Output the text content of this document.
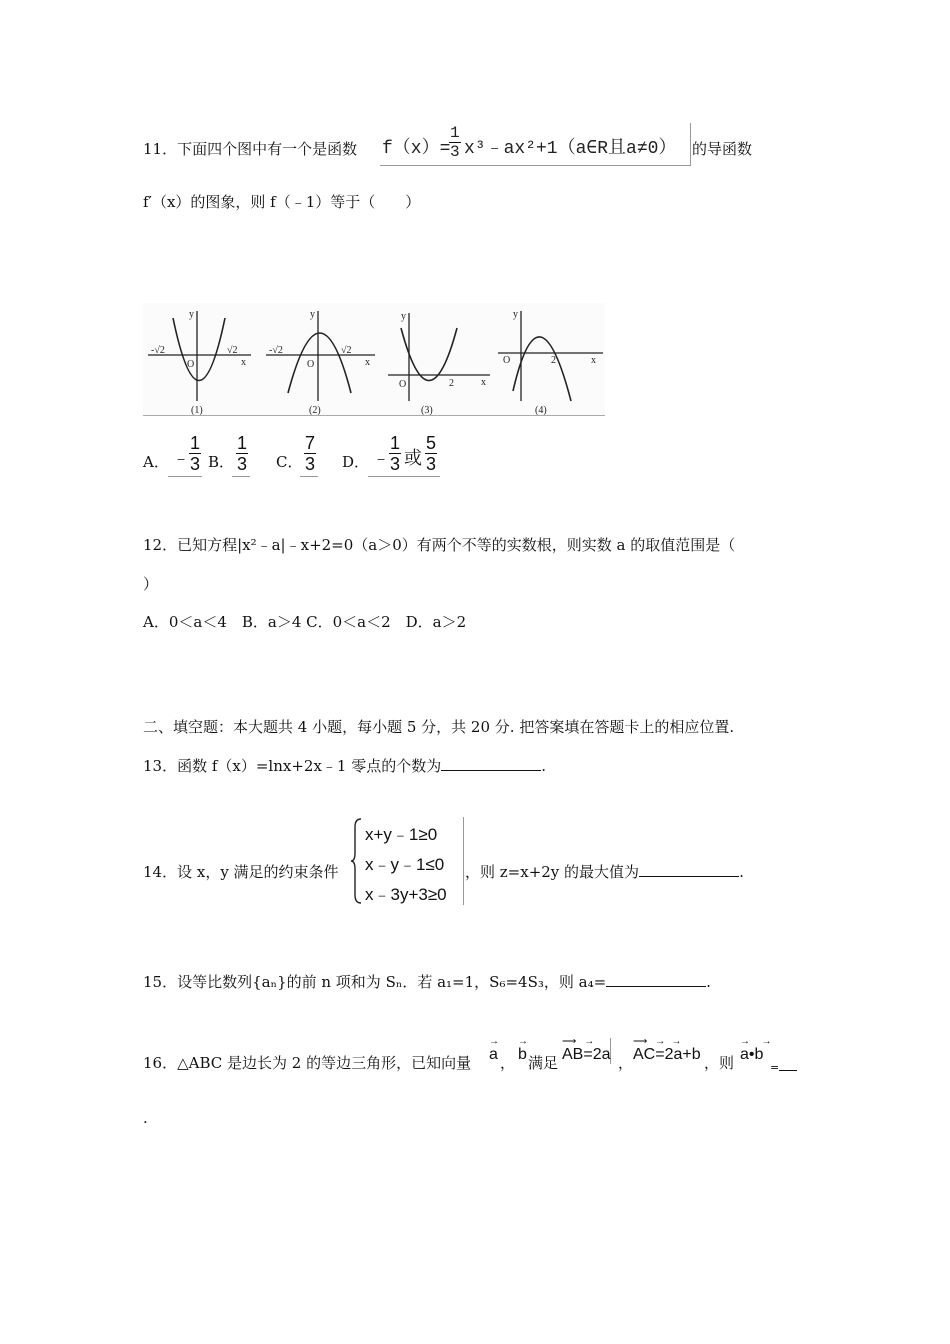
11．下面四个图中有一个是函数 f（x）=
$\frac{1}{3}$ x³﹣ax²+1（a∈R且a≠0） 的导函数
f′（x）的图象，则 f（﹣1）等于（　　）
-√2	√2
O	x
y
-√2	√2
O	x
y
2
O	x
y
2
O	x
y
(1)	(2)	(3)	(4)
A． ﹣ $\frac{1}{3}$ B． $\frac{1}{3}$ C． $\frac{7}{3}$ D． ﹣ $\frac{1}{3}$ 或 $\frac{5}{3}$
12．已知方程|x²﹣a|﹣x+2=0（a＞0）有两个不等的实数根，则实数 a 的取值范围是（
）
A．0＜a＜4　B．a＞4 C．0＜a＜2　D．a＞2
二、填空题：本大题共 4 小题，每小题 5 分，共 20 分. 把答案填在答题卡上的相应位置.
13．函数 f（x）=lnx+2x﹣1 零点的个数为	.
14．设 x，y 满足的约束条件
x+y﹣1≥0
x﹣y﹣1≤0
x﹣3y+3≥0
，则 z=x+2y 的最大值为	.
15．设等比数列{aₙ}的前 n 项和为 Sₙ．若 a₁=1，S₆=4S₃，则 a₄=	.
16．△ABC 是边长为 2 的等边三角形，已知向量
→
a ，
→
b 满足
⟶     →
AB=2a ，
⟶     →    →
AC=2a+b ，则
→  →
a•b
=
.
